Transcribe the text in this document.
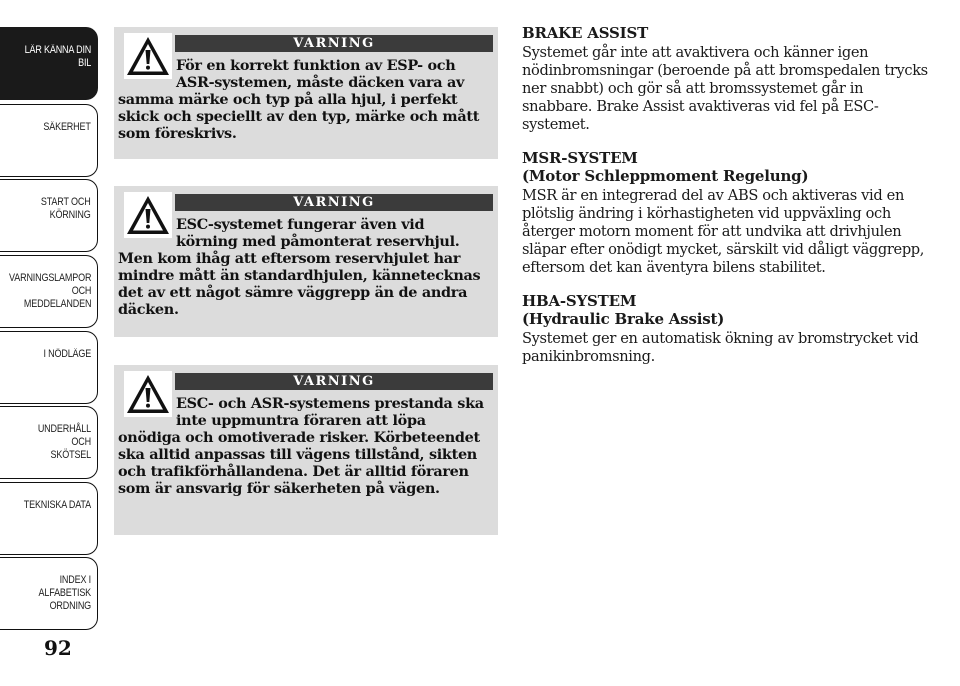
LÄR KÄNNA DIN
BIL
SÄKERHET
START OCH
KÖRNING
VARNINGSLAMPOR
OCH
MEDDELANDEN
I NÖDLÄGE
UNDERHÅLL OCH
SKÖTSEL
TEKNISKA DATA
INDEX I
ALFABETISK
ORDNING
92
VARNING

För en korrekt funktion av ESP- och ASR-systemen, måste däcken vara av samma märke och typ på alla hjul, i perfekt skick och speciellt av den typ, märke och mått som föreskrivs.

VARNING

ESC-systemet fungerar även vid körning med påmonterat reservhjul. Men kom ihåg att eftersom reservhjulet har mindre mått än standardhjulen, kännetecknas det av ett något sämre väggrepp än de andra däcken.

VARNING

ESC- och ASR-systemens prestanda ska inte uppmuntra föraren att löpa onödiga och omotiverade risker. Körbeteendet ska alltid anpassas till vägens tillstånd, sikten och trafikförhållandena. Det är alltid föraren som är ansvarig för säkerheten på vägen.

BRAKE ASSIST

Systemet går inte att avaktivera och känner igen nödinbromsningar (beroende på att bromspedalen trycks ner snabbt) och gör så att bromssystemet går in snabbare. Brake Assist avaktiveras vid fel på ESC-systemet.

MSR-SYSTEM
(Motor Schleppmoment Regelung)

MSR är en integrerad del av ABS och aktiveras vid en plötslig ändring i körhastigheten vid uppväxling och återger motorn moment för att undvika att drivhjulen släpar efter onödigt mycket, särskilt vid dåligt väggrepp, eftersom det kan äventyra bilens stabilitet.

HBA-SYSTEM
(Hydraulic Brake Assist)

Systemet ger en automatisk ökning av bromstrycket vid panikinbromsning.
